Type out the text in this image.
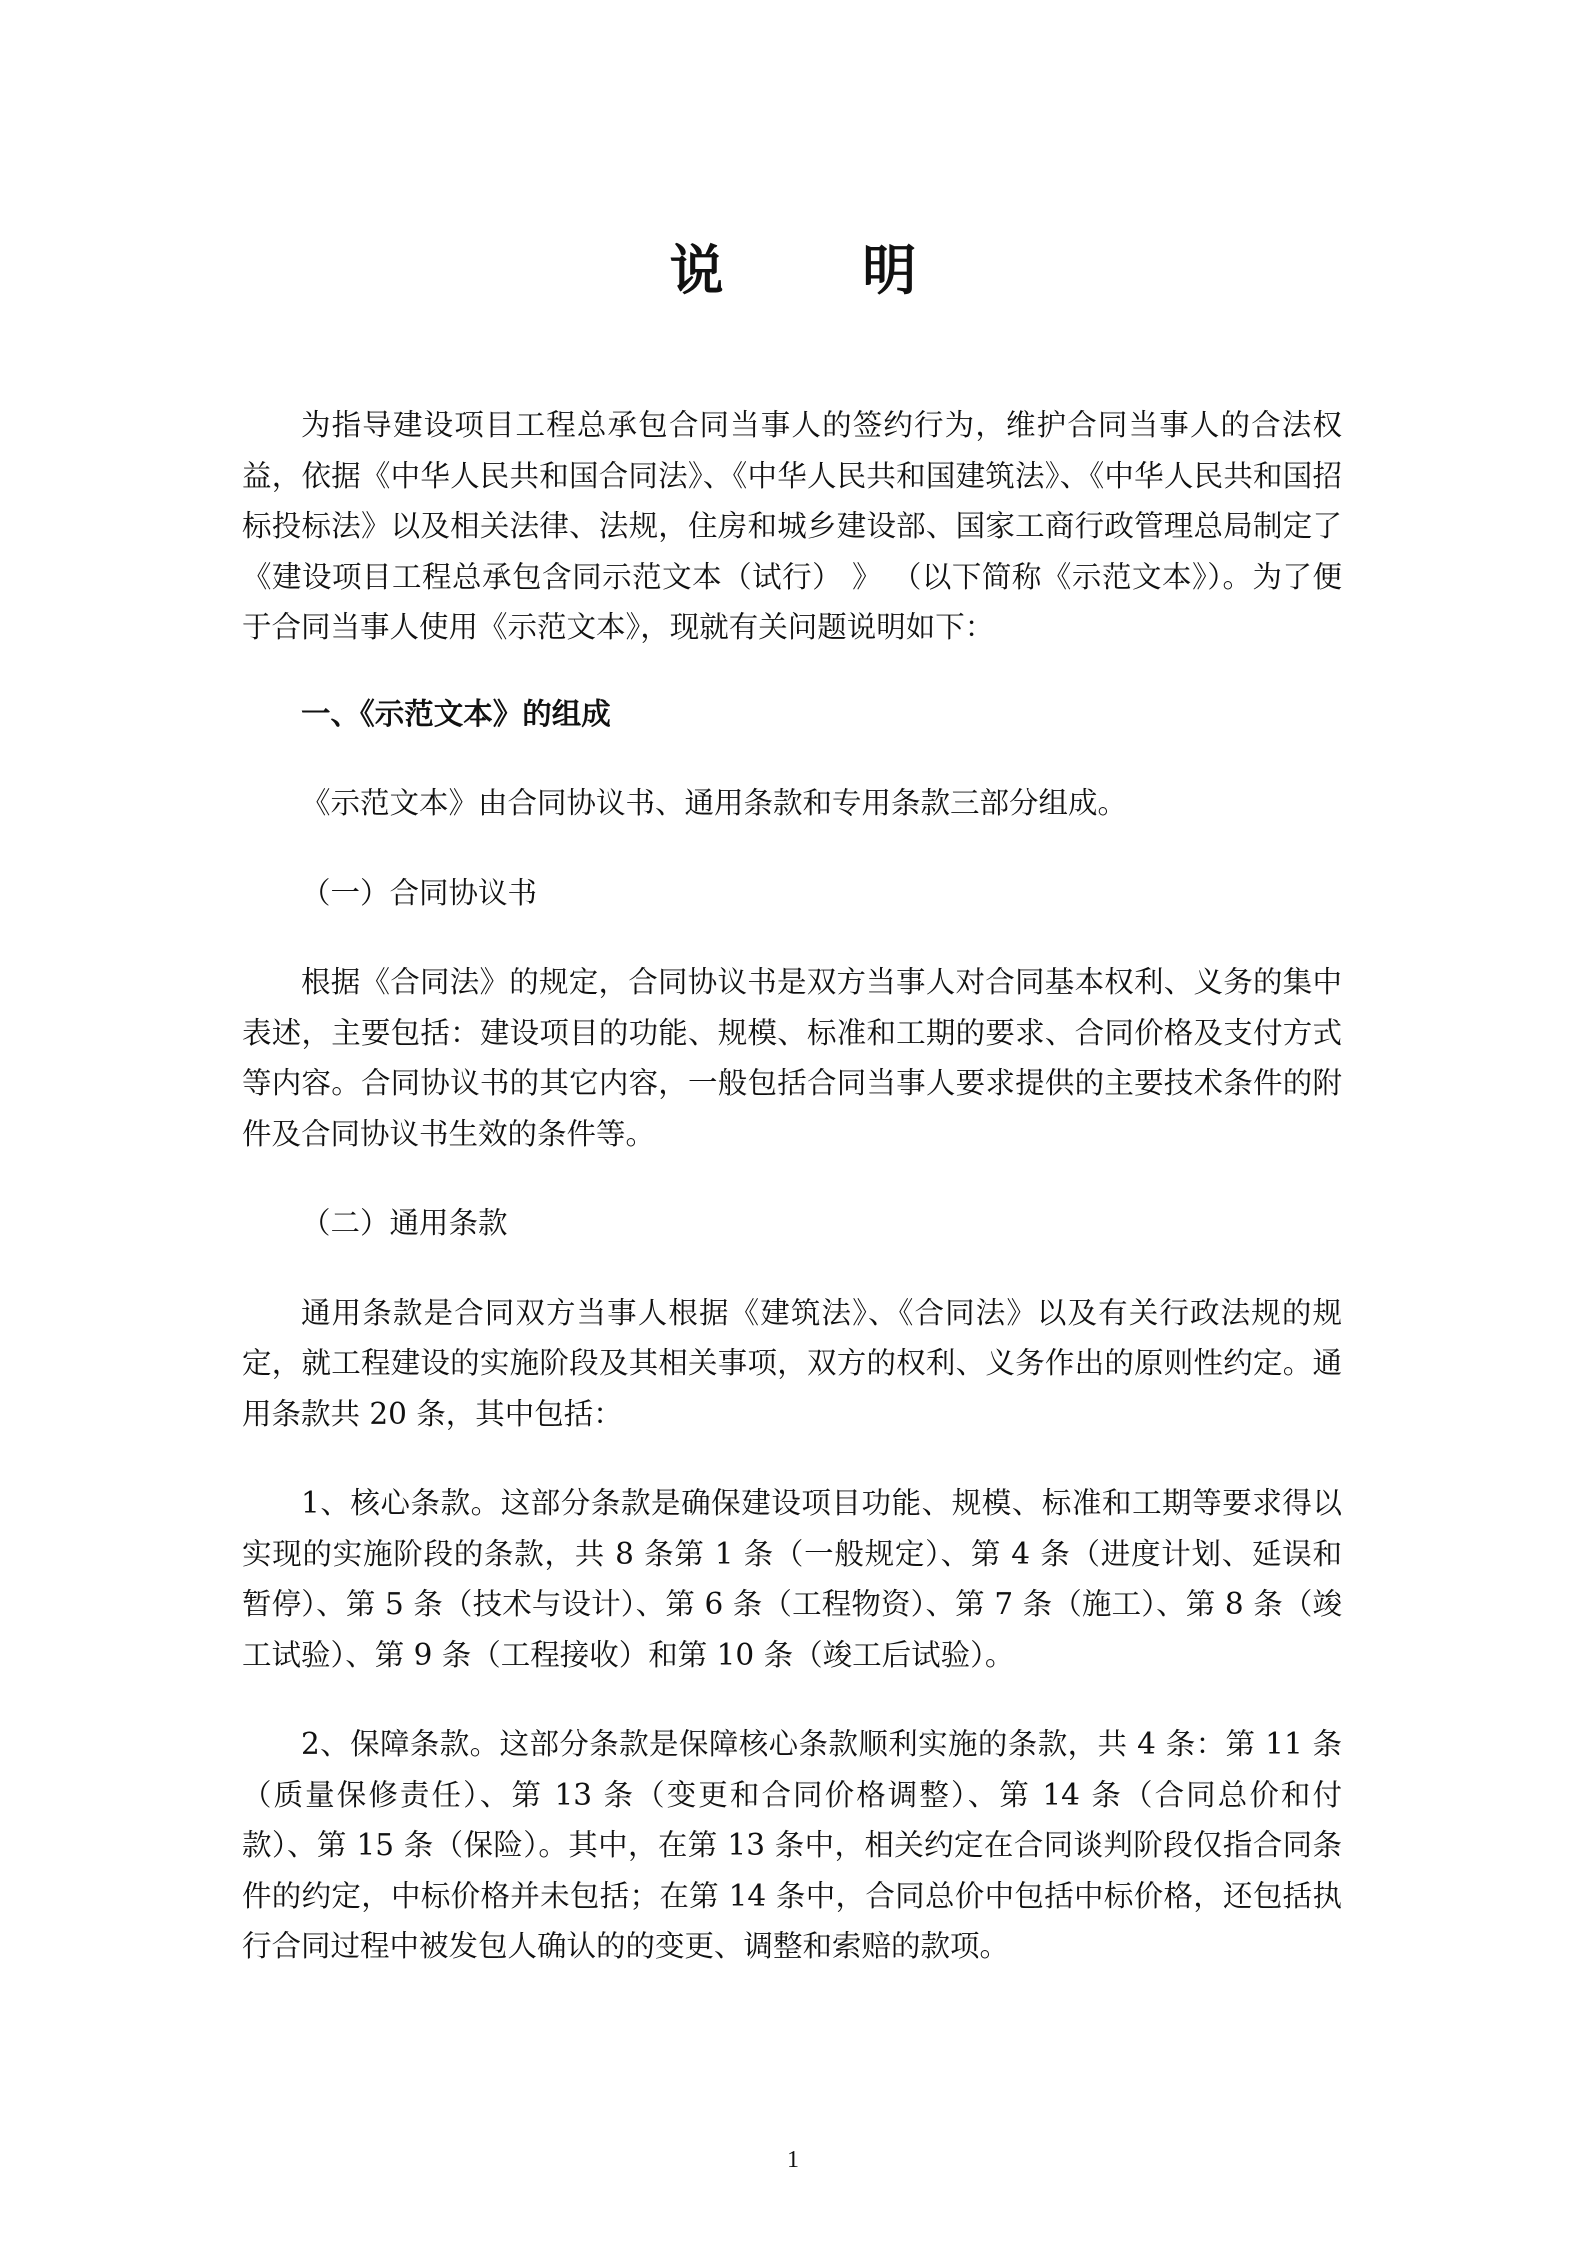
说 明

为指导建设项目工程总承包合同当事人的签约行为，维护合同当事人的合法权益，依据《中华人民共和国合同法》、《中华人民共和国建筑法》、《中华人民共和国招标投标法》以及相关法律、法规，住房和城乡建设部、国家工商行政管理总局制定了《建设项目工程总承包含同示范文本（试行） 》 （以下简称《示范文本》）。为了便于合同当事人使用《示范文本》，现就有关问题说明如下：

一、《示范文本》的组成

《示范文本》由合同协议书、通用条款和专用条款三部分组成。

（一）合同协议书

根据《合同法》的规定，合同协议书是双方当事人对合同基本权利、义务的集中表述，主要包括：建设项目的功能、规模、标准和工期的要求、合同价格及支付方式等内容。合同协议书的其它内容，一般包括合同当事人要求提供的主要技术条件的附件及合同协议书生效的条件等。

（二）通用条款

通用条款是合同双方当事人根据《建筑法》、《合同法》以及有关行政法规的规定，就工程建设的实施阶段及其相关事项，双方的权利、义务作出的原则性约定。通用条款共 20 条，其中包括：

1、核心条款。这部分条款是确保建设项目功能、规模、标准和工期等要求得以实现的实施阶段的条款，共 8 条第 1 条（一般规定）、第 4 条（进度计划、延误和暂停）、第 5 条（技术与设计）、第 6 条（工程物资）、第 7 条（施工）、第 8 条（竣工试验）、第 9 条（工程接收）和第 10 条（竣工后试验）。

2、保障条款。这部分条款是保障核心条款顺利实施的条款，共 4 条：第 11 条（质量保修责任）、第 13 条（变更和合同价格调整）、第 14 条（合同总价和付款）、第 15 条（保险）。其中，在第 13 条中，相关约定在合同谈判阶段仅指合同条件的约定，中标价格并未包括；在第 14 条中，合同总价中包括中标价格，还包括执行合同过程中被发包人确认的的变更、调整和索赔的款项。

1
